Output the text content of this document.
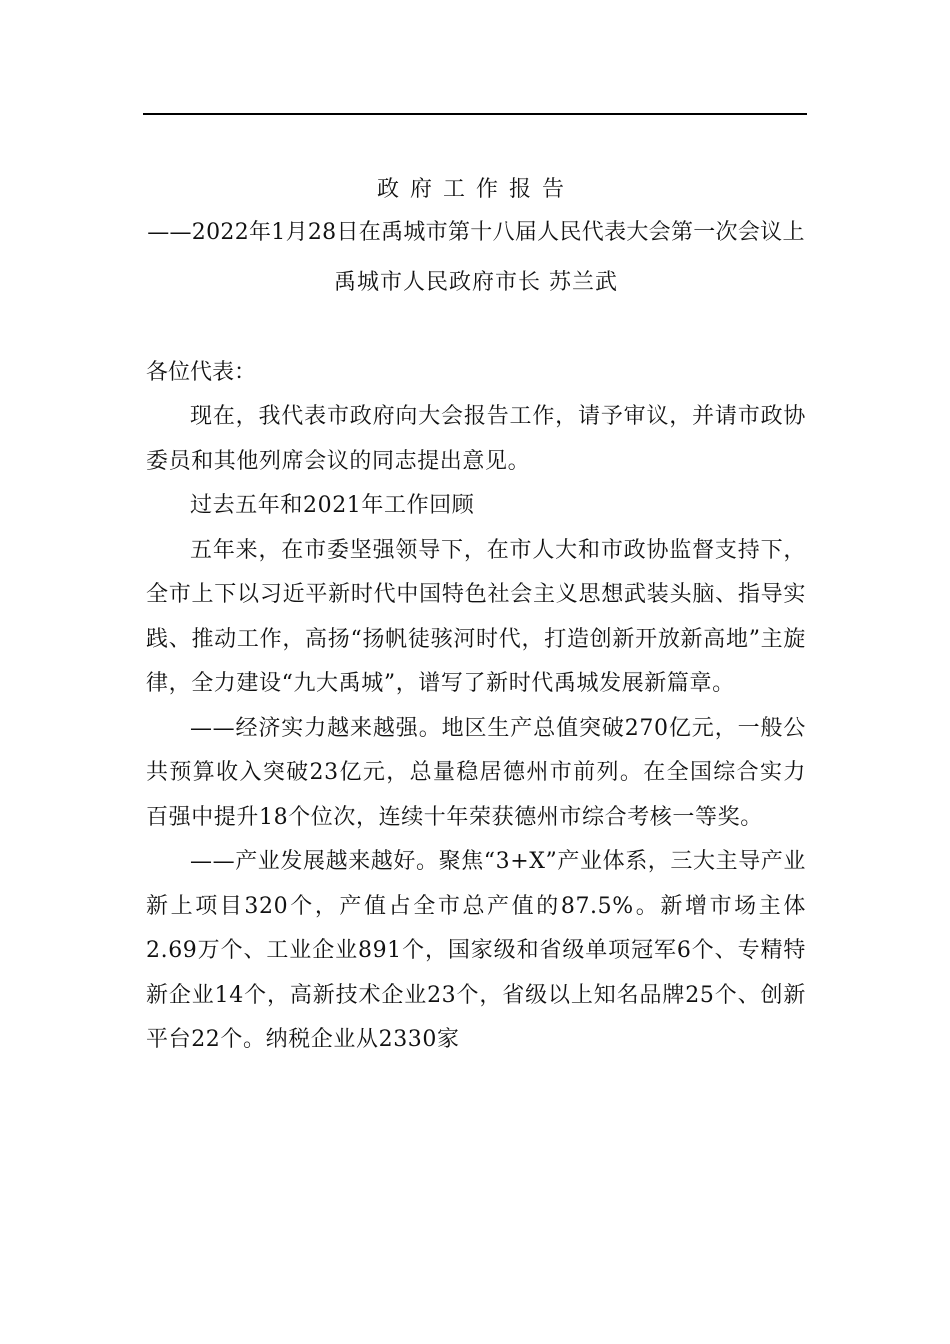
政府工作报告

——2022年1月28日在禹城市第十八届人民代表大会第一次会议上

禹城市人民政府市长 苏兰武

各位代表：

现在，我代表市政府向大会报告工作，请予审议，并请市政协委员和其他列席会议的同志提出意见。

过去五年和2021年工作回顾

五年来，在市委坚强领导下，在市人大和市政协监督支持下，全市上下以习近平新时代中国特色社会主义思想武装头脑、指导实践、推动工作，高扬“扬帆徒骇河时代，打造创新开放新高地”主旋律，全力建设“九大禹城”，谱写了新时代禹城发展新篇章。

——经济实力越来越强。地区生产总值突破270亿元，一般公共预算收入突破23亿元，总量稳居德州市前列。在全国综合实力百强中提升18个位次，连续十年荣获德州市综合考核一等奖。

——产业发展越来越好。聚焦“3+X”产业体系，三大主导产业新上项目320个，产值占全市总产值的87.5%。新增市场主体2.69万个、工业企业891个，国家级和省级单项冠军6个、专精特新企业14个，高新技术企业23个，省级以上知名品牌25个、创新平台22个。纳税企业从2330家
